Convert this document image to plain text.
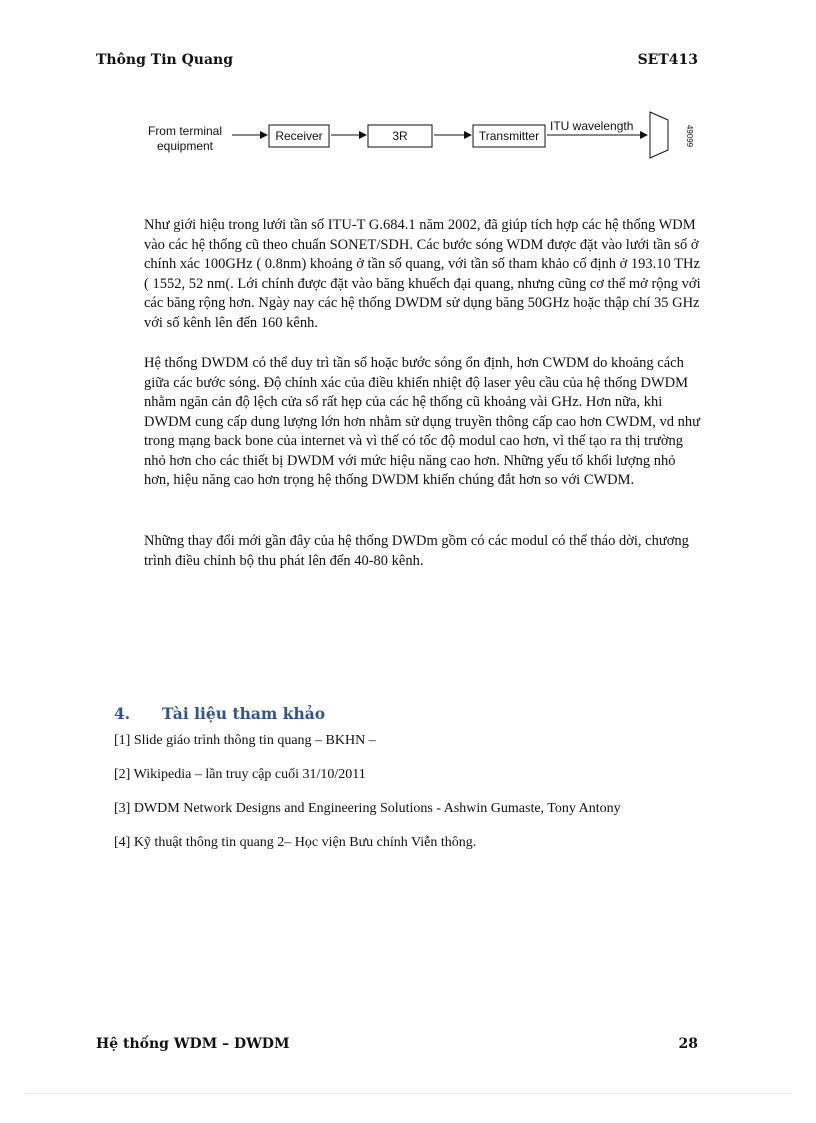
Thông Tin Quang	SET413
From terminal
equipment
Receiver	3R	Transmitter
ITU wavelength	49099

Như giới hiệu trong lưới tần số ITU-T G.684.1 năm 2002, đã giúp tích hợp các hệ thống WDM vào các hệ thống cũ theo chuẩn SONET/SDH. Các bước sóng WDM được đặt vào lưới tần số ở chính xác 100GHz ( 0.8nm) khoảng ở tần số quang, với tần số tham khảo cố định ở 193.10 THz ( 1552, 52 nm(. Lới chính được đặt vào băng khuếch đại quang, nhưng cũng cơ thể mở rộng với các băng rộng hơn. Ngày nay các hệ thống DWDM sử dụng băng 50GHz hoặc thập chí 35 GHz với số kênh lên đến 160 kênh.

Hệ thống DWDM có thể duy trì tần số hoặc bước sóng ổn định, hơn CWDM do khoảng cách giữa các bước sóng. Độ chính xác của điều khiển nhiệt độ laser yêu cầu của hệ thống DWDM nhằm ngăn cản độ lệch cửa sổ rất hẹp của các hệ thống cũ khoảng vài GHz. Hơn nữa, khi DWDM cung cấp dung lượng lớn hơn nhằm sử dụng truyền thông cấp cao hơn CWDM, vd như trong mạng back bone của internet và vì thế có tốc độ modul cao hơn, vì thế tạo ra thị trường nhỏ hơn cho các thiết bị DWDM với mức hiệu năng cao hơn. Những yếu tố khối lượng nhỏ hơn, hiệu năng cao hơn trọng hệ thống DWDM khiến chúng đắt hơn so với CWDM.

Những thay đổi mới gần đây của hệ thống DWDm gồm có các modul có thể tháo dời, chương trình điều chỉnh bộ thu phát lên đến 40-80 kênh.

4. Tài liệu tham khảo

[1] Slide giáo trình thông tin quang – BKHN –

[2] Wikipedia – lần truy cập cuối 31/10/2011

[3] DWDM Network Designs and Engineering Solutions - Ashwin Gumaste, Tony Antony

[4] Kỹ thuật thông tin quang 2– Học viện Bưu chính Viễn thông.

Hệ thống WDM – DWDM	28
